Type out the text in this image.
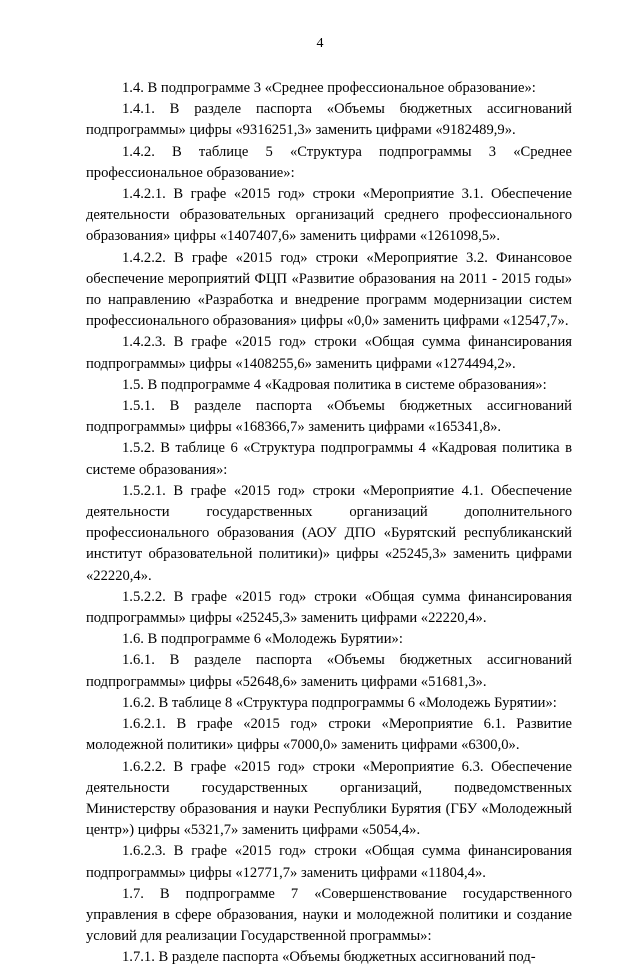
4

1.4. В подпрограмме 3 «Среднее профессиональное образование»:

1.4.1. В разделе паспорта «Объемы бюджетных ассигнований подпрограммы» цифры «9316251,3» заменить цифрами «9182489,9».

1.4.2. В таблице 5 «Структура подпрограммы 3 «Среднее профессиональное образование»:

1.4.2.1. В графе «2015 год» строки «Мероприятие 3.1. Обеспечение деятельности образовательных организаций среднего профессионального образования» цифры «1407407,6» заменить цифрами «1261098,5».

1.4.2.2. В графе «2015 год» строки «Мероприятие 3.2. Финансовое обеспечение мероприятий ФЦП «Развитие образования на 2011 - 2015 годы» по направлению «Разработка и внедрение программ модернизации систем профессионального образования» цифры «0,0» заменить цифрами «12547,7».

1.4.2.3. В графе «2015 год» строки «Общая сумма финансирования подпрограммы» цифры «1408255,6» заменить цифрами «1274494,2».

1.5. В подпрограмме 4 «Кадровая политика в системе образования»:

1.5.1. В разделе паспорта «Объемы бюджетных ассигнований подпрограммы» цифры «168366,7» заменить цифрами «165341,8».

1.5.2. В таблице 6 «Структура подпрограммы 4 «Кадровая политика в системе образования»:

1.5.2.1. В графе «2015 год» строки «Мероприятие 4.1. Обеспечение деятельности государственных организаций дополнительного профессионального образования (АОУ ДПО «Бурятский республиканский институт образовательной политики)» цифры «25245,3» заменить цифрами «22220,4».

1.5.2.2. В графе «2015 год» строки «Общая сумма финансирования подпрограммы» цифры «25245,3» заменить цифрами «22220,4».

1.6. В подпрограмме 6 «Молодежь Бурятии»:

1.6.1. В разделе паспорта «Объемы бюджетных ассигнований подпрограммы» цифры «52648,6» заменить цифрами «51681,3».

1.6.2. В таблице 8 «Структура подпрограммы 6 «Молодежь Бурятии»:

1.6.2.1. В графе «2015 год» строки «Мероприятие 6.1. Развитие молодежной политики» цифры «7000,0» заменить цифрами «6300,0».

1.6.2.2. В графе «2015 год» строки «Мероприятие 6.3. Обеспечение деятельности государственных организаций, подведомственных Министерству образования и науки Республики Бурятия (ГБУ «Молодежный центр») цифры «5321,7» заменить цифрами «5054,4».

1.6.2.3. В графе «2015 год» строки «Общая сумма финансирования подпрограммы» цифры «12771,7» заменить цифрами «11804,4».

1.7. В подпрограмме 7 «Совершенствование государственного управления в сфере образования, науки и молодежной политики и создание условий для реализации Государственной программы»:

1.7.1. В разделе паспорта «Объемы бюджетных ассигнований под-
